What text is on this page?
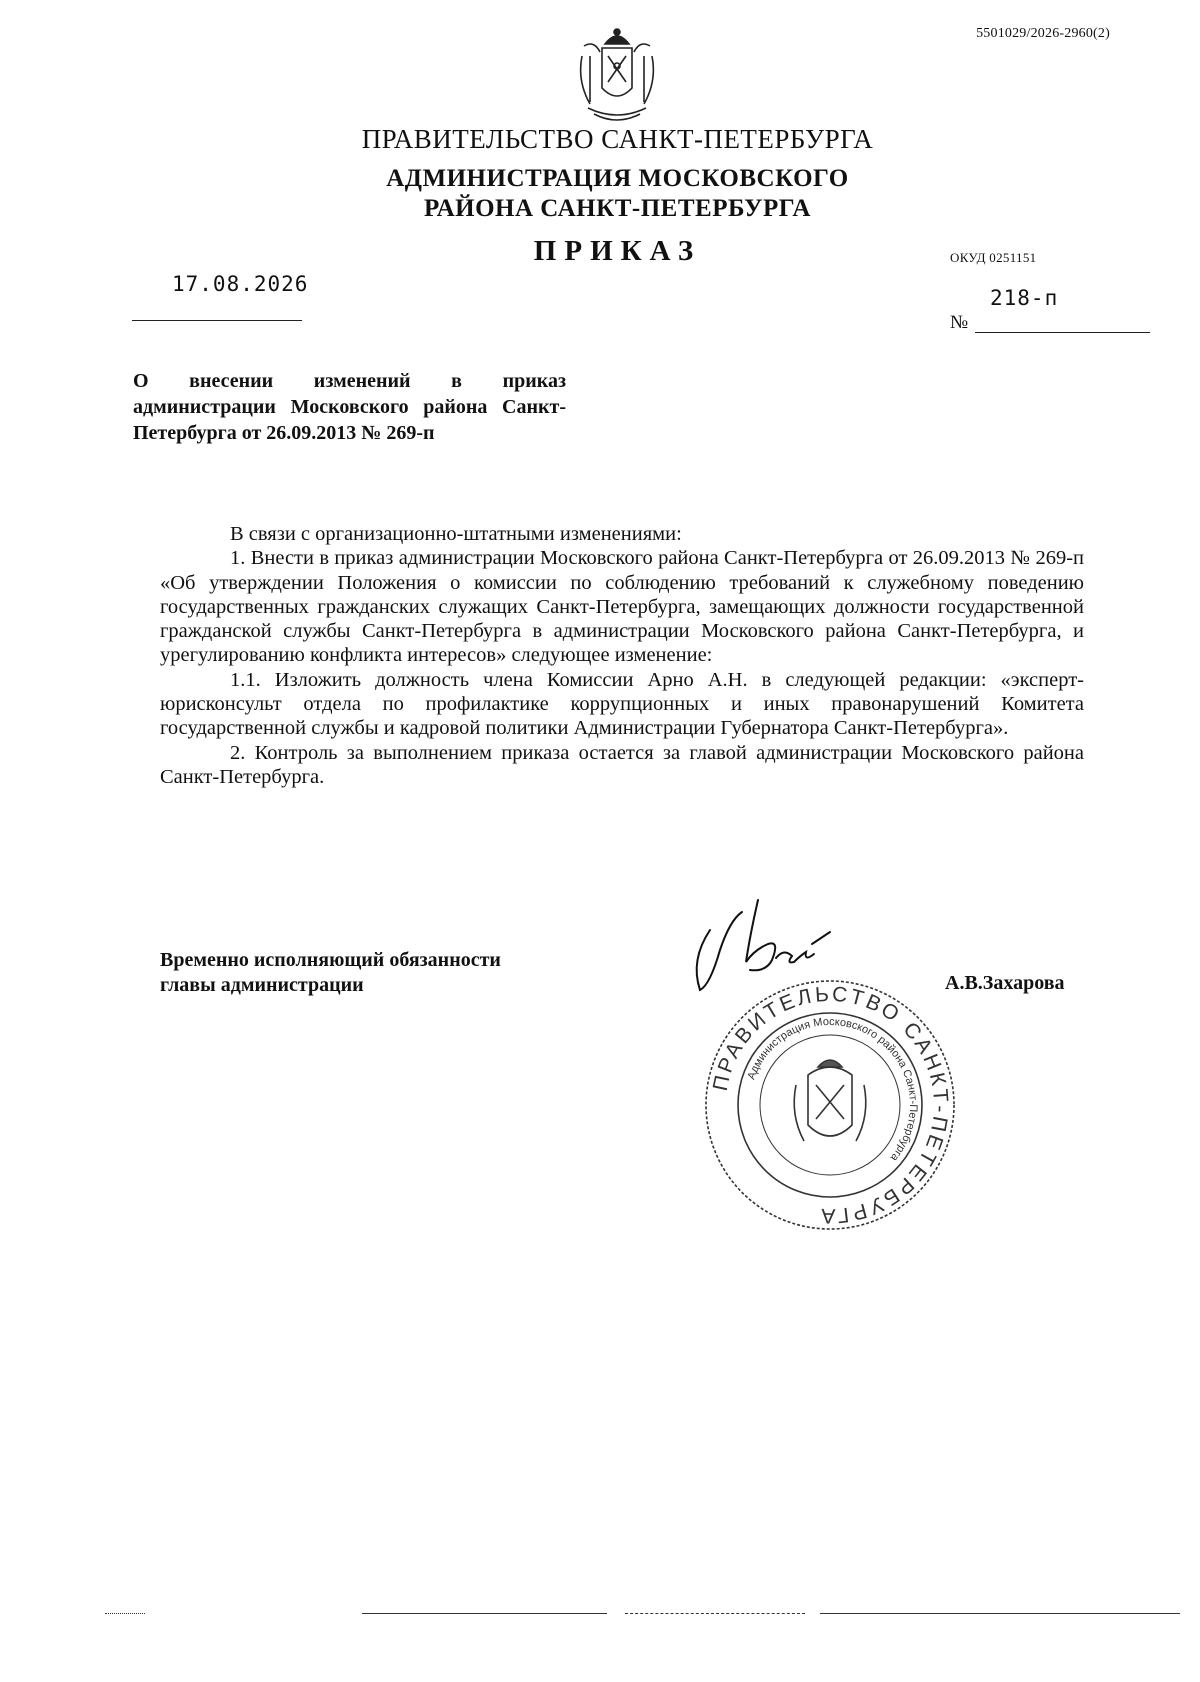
5501029/2026-2960(2)
ПРАВИТЕЛЬСТВО САНКТ-ПЕТЕРБУРГА
АДМИНИСТРАЦИЯ МОСКОВСКОГО
РАЙОНА САНКТ-ПЕТЕРБУРГА
ПРИКАЗ	ОКУД 0251151
17.08.2026
218-п
№
О внесении изменений в приказ администрации Московского района Санкт-Петербурга от 26.09.2013 № 269-п

В связи с организационно-штатными изменениями:

1. Внести в приказ администрации Московского района Санкт-Петербурга от 26.09.2013 № 269-п «Об утверждении Положения о комиссии по соблюдению требований к служебному поведению государственных гражданских служащих Санкт-Петербурга, замещающих должности государственной гражданской службы Санкт-Петербурга в администрации Московского района Санкт-Петербурга, и урегулированию конфликта интересов» следующее изменение:

1.1. Изложить должность члена Комиссии Арно А.Н. в следующей редакции: «эксперт-юрисконсульт отдела по профилактике коррупционных и иных правонарушений Комитета государственной службы и кадровой политики Администрации Губернатора Санкт-Петербурга».

2. Контроль за выполнением приказа остается за главой администрации Московского района Санкт-Петербурга.

Временно исполняющий обязанности
главы администрации	А.В.Захарова
ПРАВИТЕЛЬСТВО САНКТ-ПЕТЕРБУРГА
Администрация Московского района Санкт-Петербурга
